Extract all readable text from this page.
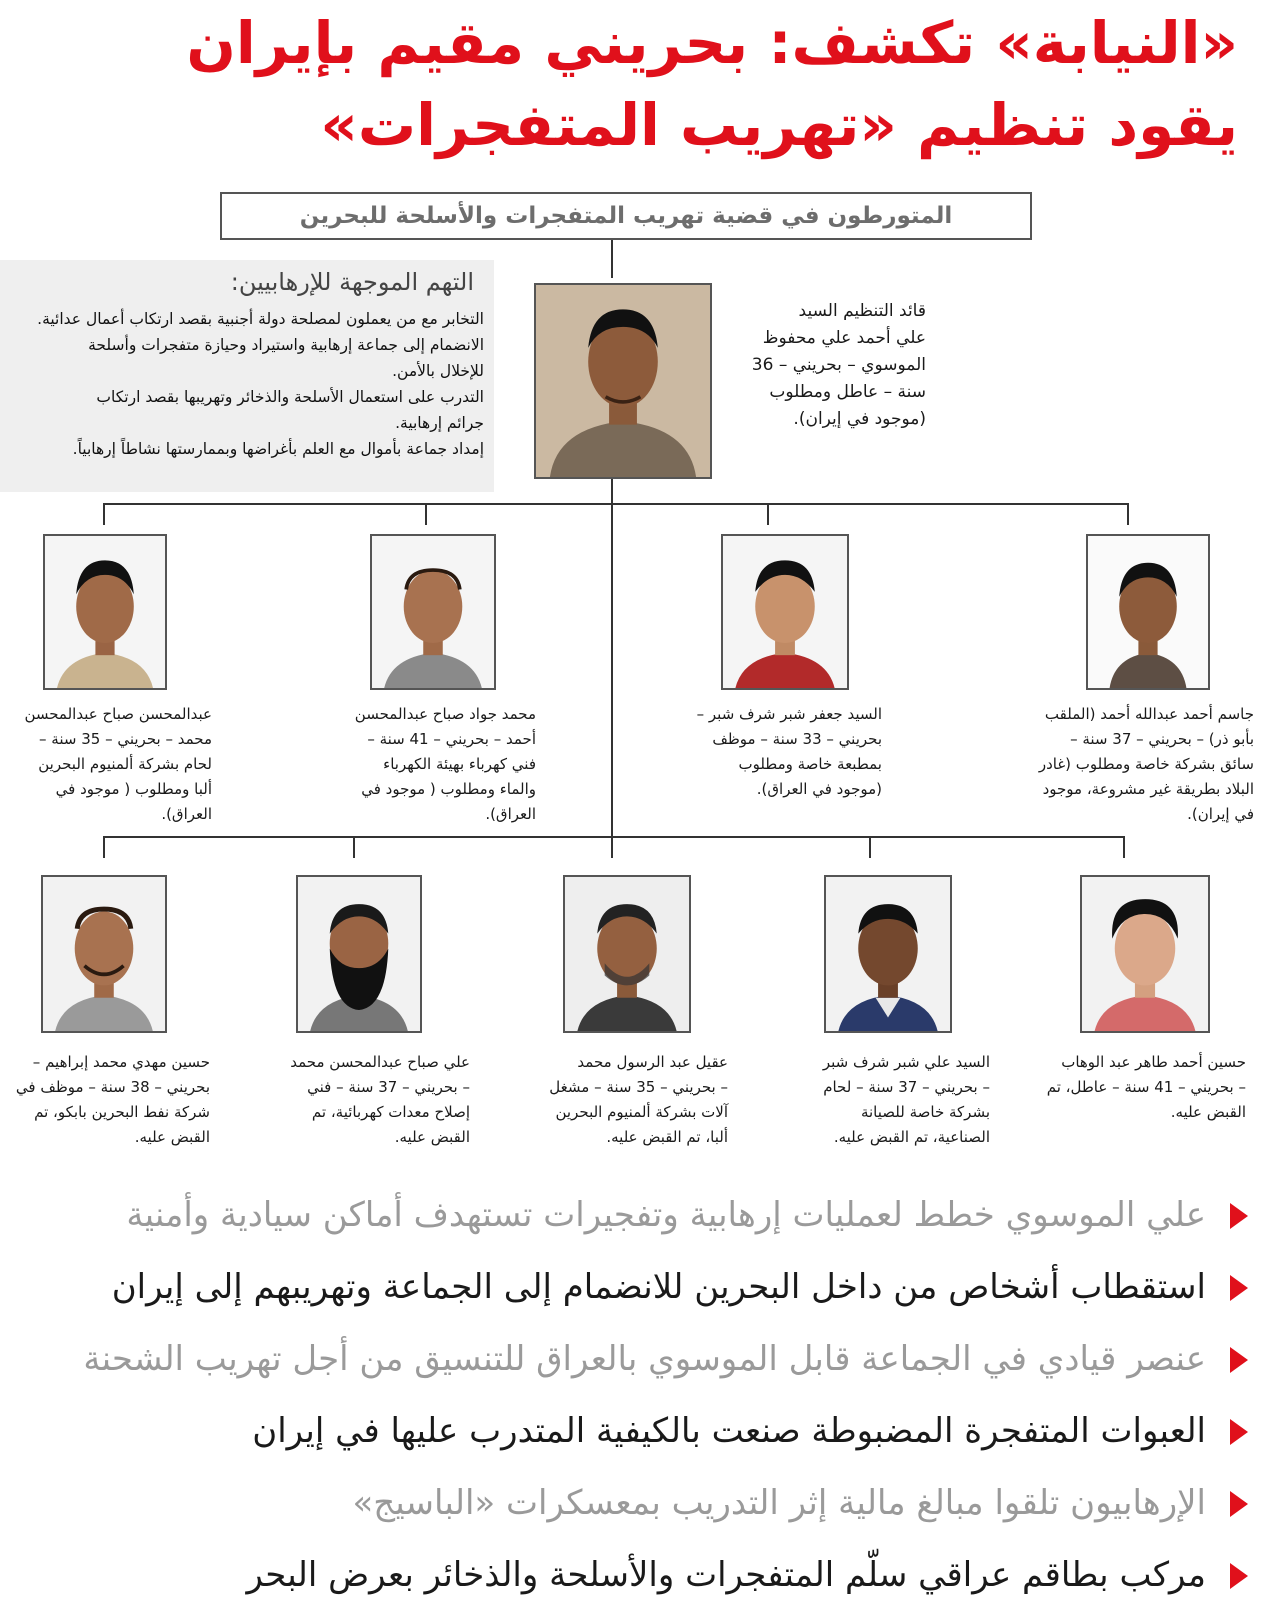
«النيابة» تكشف: بحريني مقيم بإيران
يقود تنظيم «تهريب المتفجرات»
المتورطون في قضية تهريب المتفجرات والأسلحة للبحرين
التهم الموجهة للإرهابيين:
التخابر مع من يعملون لمصلحة دولة أجنبية بقصد ارتكاب أعمال عدائية.
الانضمام إلى جماعة إرهابية واستيراد وحيازة متفجرات وأسلحة
للإخلال بالأمن.
التدرب على استعمال الأسلحة والذخائر وتهريبها بقصد ارتكاب
جرائم إرهابية.
إمداد جماعة بأموال مع العلم بأغراضها وبممارستها نشاطاً إرهابياً.
قائد التنظيم السيد
علي أحمد علي محفوظ
الموسوي – بحريني – 36
سنة – عاطل ومطلوب
(موجود في إيران).
جاسم أحمد عبدالله أحمد (الملقب
بأبو ذر) – بحريني – 37 سنة –
سائق بشركة خاصة ومطلوب (غادر
البلاد بطريقة غير مشروعة، موجود
في إيران).
السيد جعفر شبر شرف شبر –
بحريني – 33 سنة – موظف
بمطبعة خاصة ومطلوب
(موجود في العراق).
محمد جواد صباح عبدالمحسن
أحمد – بحريني – 41 سنة –
فني كهرباء بهيئة الكهرباء
والماء ومطلوب ( موجود في
العراق).
عبدالمحسن صباح عبدالمحسن
محمد – بحريني – 35 سنة –
لحام بشركة ألمنيوم البحرين
ألبا ومطلوب ( موجود في
العراق).
حسين أحمد طاهر عبد الوهاب
– بحريني – 41 سنة – عاطل، تم
القبض عليه.
السيد علي شبر شرف شبر
– بحريني – 37 سنة – لحام
بشركة خاصة للصيانة
الصناعية، تم القبض عليه.
عقيل عبد الرسول محمد
– بحريني – 35 سنة – مشغل
آلات بشركة ألمنيوم البحرين
ألبا، تم القبض عليه.
علي صباح عبدالمحسن محمد
– بحريني – 37 سنة – فني
إصلاح معدات كهربائية، تم
القبض عليه.
حسين مهدي محمد إبراهيم –
بحريني – 38 سنة – موظف في
شركة نفط البحرين بابكو، تم
القبض عليه.
علي الموسوي خطط لعمليات إرهابية وتفجيرات تستهدف أماكن سيادية وأمنية
استقطاب أشخاص من داخل البحرين للانضمام إلى الجماعة وتهريبهم إلى إيران
عنصر قيادي في الجماعة قابل الموسوي بالعراق للتنسيق من أجل تهريب الشحنة
العبوات المتفجرة المضبوطة صنعت بالكيفية المتدرب عليها في إيران
الإرهابيون تلقوا مبالغ مالية إثر التدريب بمعسكرات «الباسيج»
مركب بطاقم عراقي سلّم المتفجرات والأسلحة والذخائر بعرض البحر
